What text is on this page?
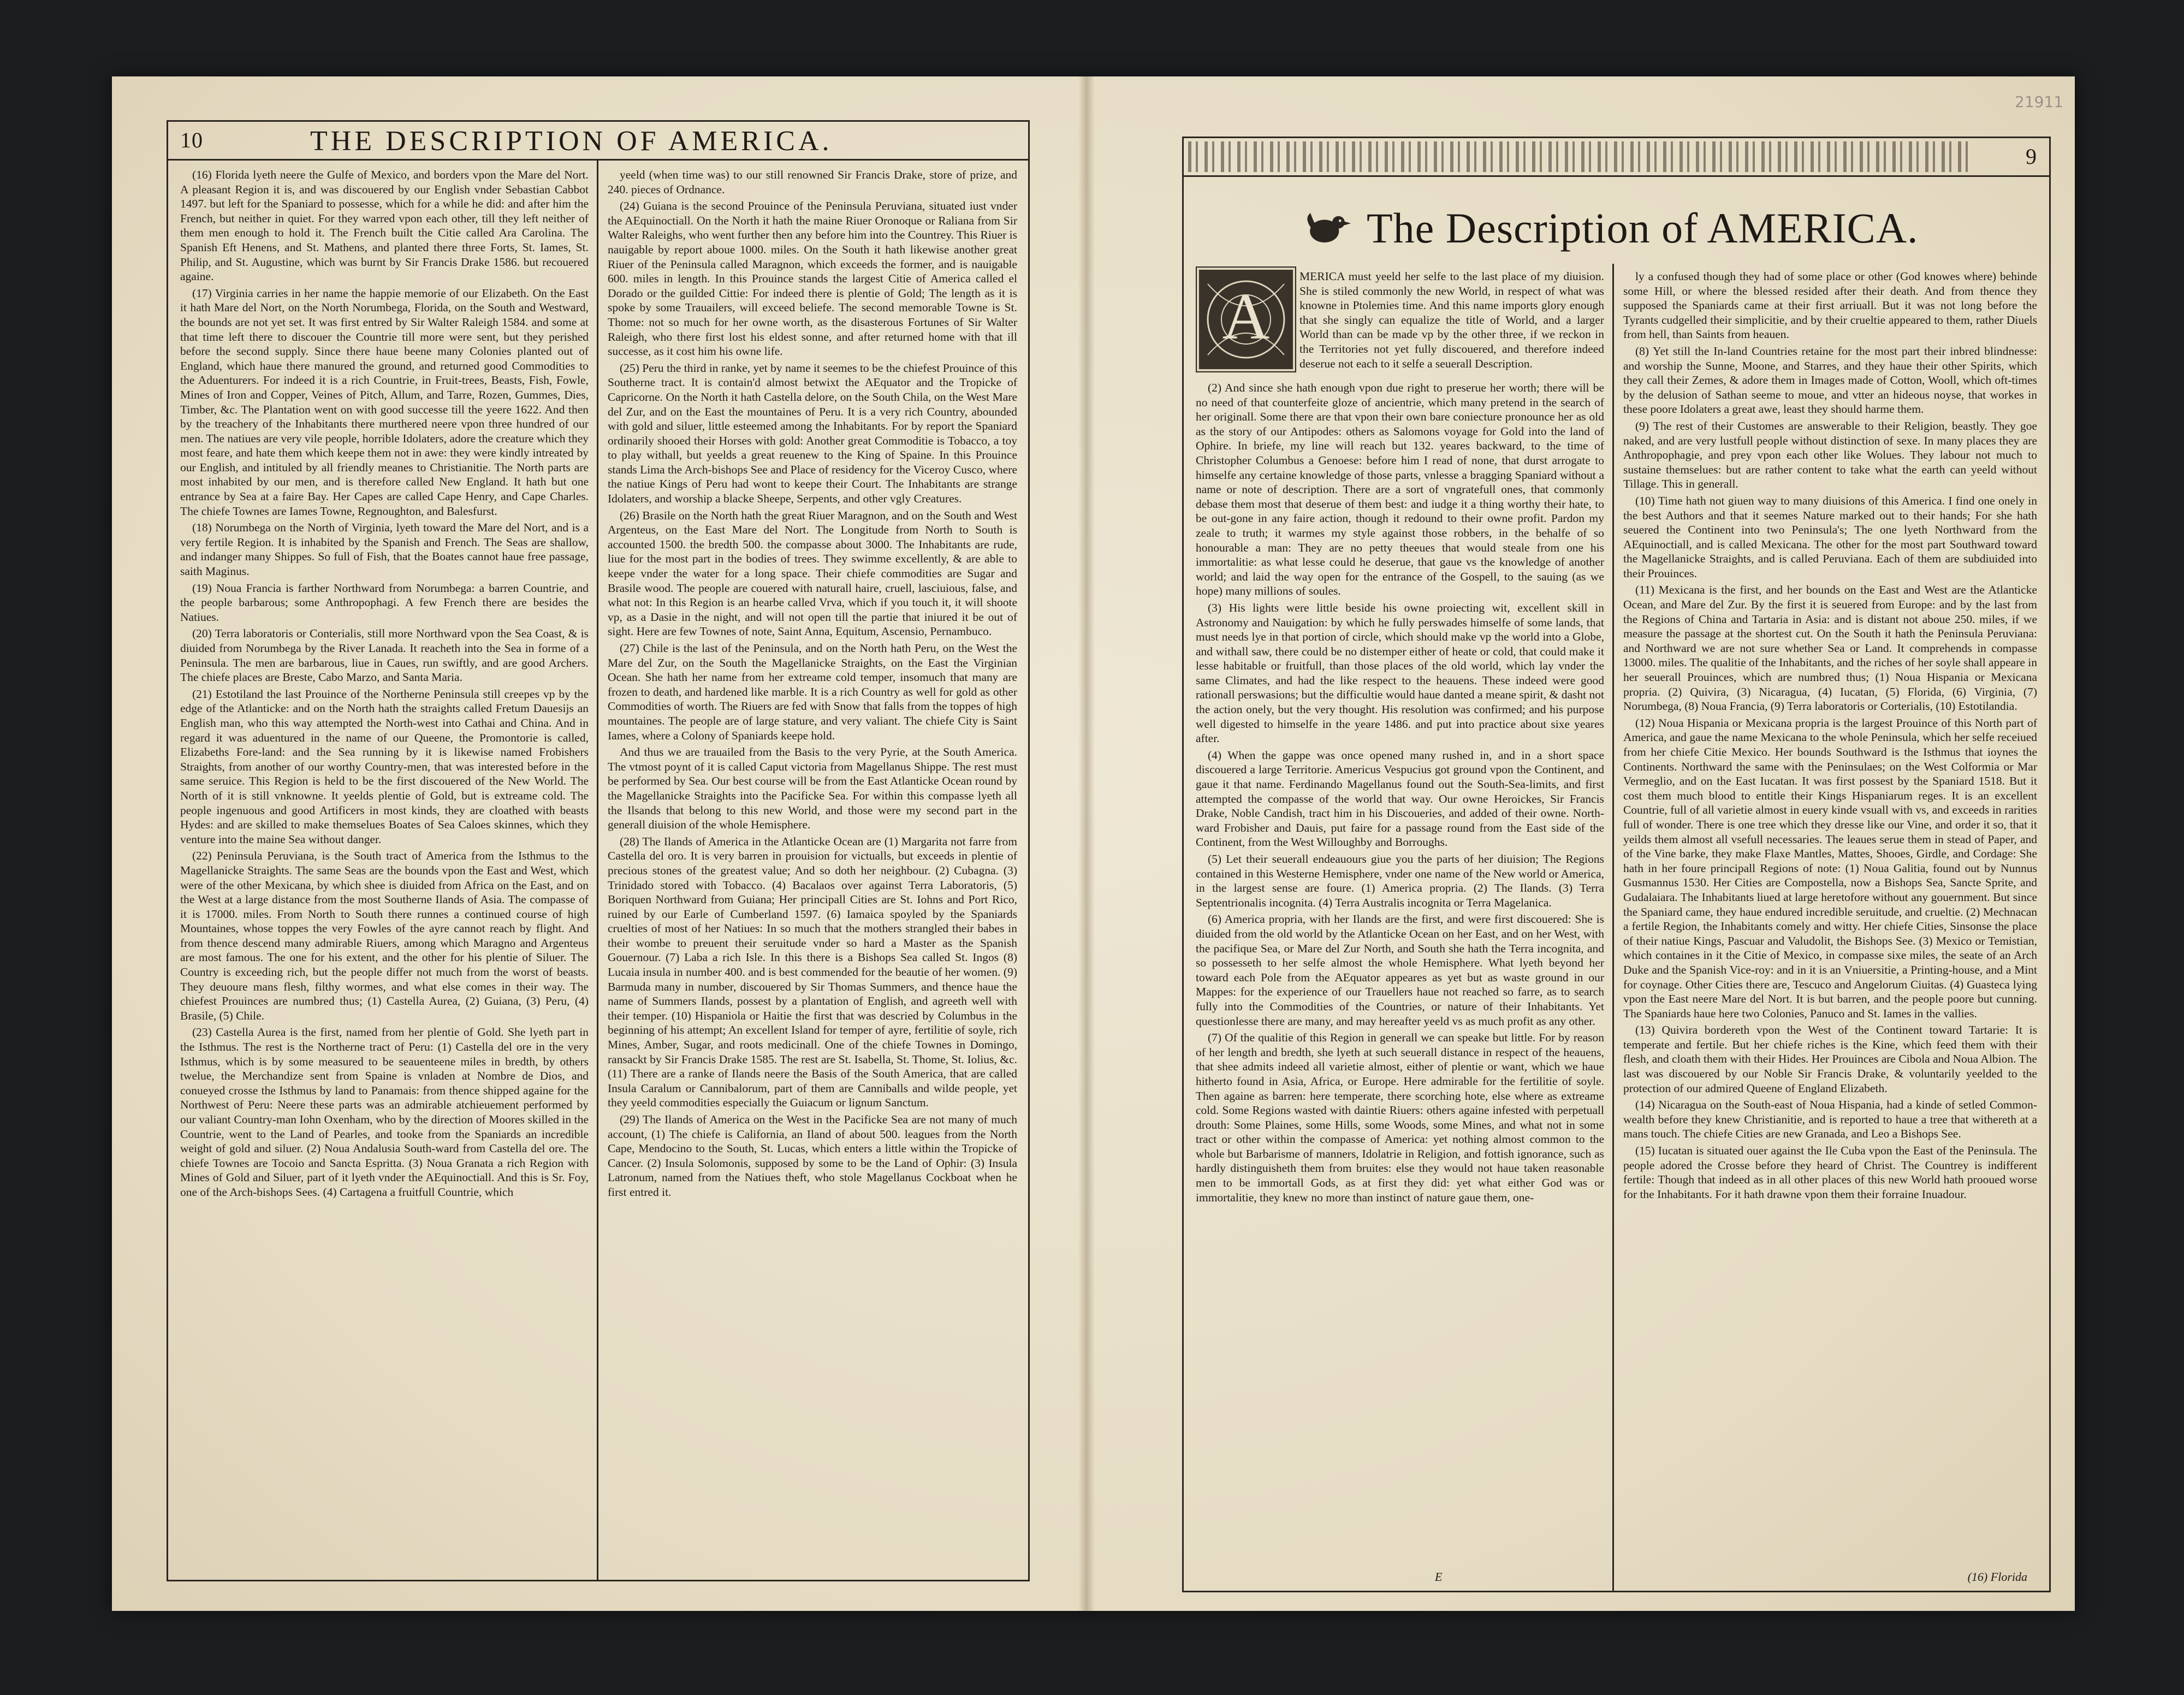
21911
10	THE DESCRIPTION OF AMERICA.

(16) Florida lyeth neere the Gulfe of Mexico, and borders vpon the Mare del Nort. A pleasant Region it is, and was discouered by our English vnder Sebastian Cabbot 1497. but left for the Spaniard to possesse, which for a while he did: and after him the French, but neither in quiet. For they warred vpon each other, till they left neither of them men enough to hold it. The French built the Citie called Ara Carolina. The Spanish Eft Henens, and St. Mathens, and planted there three Forts, St. Iames, St. Philip, and St. Augustine, which was burnt by Sir Francis Drake 1586. but recouered againe.

(17) Virginia carries in her name the happie memorie of our Elizabeth. On the East it hath Mare del Nort, on the North Norumbega, Florida, on the South and Westward, the bounds are not yet set. It was first entred by Sir Walter Raleigh 1584. and some at that time left there to discouer the Countrie till more were sent, but they perished before the second supply. Since there haue beene many Colonies planted out of England, which haue there manured the ground, and returned good Commodities to the Aduenturers. For indeed it is a rich Countrie, in Fruit-trees, Beasts, Fish, Fowle, Mines of Iron and Copper, Veines of Pitch, Allum, and Tarre, Rozen, Gummes, Dies, Timber, &c. The Plantation went on with good successe till the yeere 1622. And then by the treachery of the Inhabitants there murthered neere vpon three hundred of our men. The natiues are very vile people, horrible Idolaters, adore the creature which they most feare, and hate them which keepe them not in awe: they were kindly intreated by our English, and intituled by all friendly meanes to Christianitie. The North parts are most inhabited by our men, and is therefore called New England. It hath but one entrance by Sea at a faire Bay. Her Capes are called Cape Henry, and Cape Charles. The chiefe Townes are Iames Towne, Regnoughton, and Balesfurst.

(18) Norumbega on the North of Virginia, lyeth toward the Mare del Nort, and is a very fertile Region. It is inhabited by the Spanish and French. The Seas are shallow, and indanger many Shippes. So full of Fish, that the Boates cannot haue free passage, saith Maginus.

(19) Noua Francia is farther Northward from Norumbega: a barren Countrie, and the people barbarous; some Anthropophagi. A few French there are besides the Natiues.

(20) Terra laboratoris or Conterialis, still more Northward vpon the Sea Coast, & is diuided from Norumbega by the River Lanada. It reacheth into the Sea in forme of a Peninsula. The men are barbarous, liue in Caues, run swiftly, and are good Archers. The chiefe places are Breste, Cabo Marzo, and Santa Maria.

(21) Estotiland the last Prouince of the Northerne Peninsula still creepes vp by the edge of the Atlanticke: and on the North hath the straights called Fretum Dauesijs an English man, who this way attempted the North-west into Cathai and China. And in regard it was aduentured in the name of our Queene, the Promontorie is called, Elizabeths Fore-land: and the Sea running by it is likewise named Frobishers Straights, from another of our worthy Country-men, that was interested before in the same seruice. This Region is held to be the first discouered of the New World. The North of it is still vnknowne. It yeelds plentie of Gold, but is extreame cold. The people ingenuous and good Artificers in most kinds, they are cloathed with beasts Hydes: and are skilled to make themselues Boates of Sea Caloes skinnes, which they venture into the maine Sea without danger.

(22) Peninsula Peruviana, is the South tract of America from the Isthmus to the Magellanicke Straights. The same Seas are the bounds vpon the East and West, which were of the other Mexicana, by which shee is diuided from Africa on the East, and on the West at a large distance from the most Southerne Ilands of Asia. The compasse of it is 17000. miles. From North to South there runnes a continued course of high Mountaines, whose toppes the very Fowles of the ayre cannot reach by flight. And from thence descend many admirable Riuers, among which Maragno and Argenteus are most famous. The one for his extent, and the other for his plentie of Siluer. The Country is exceeding rich, but the people differ not much from the worst of beasts. They deuoure mans flesh, filthy wormes, and what else comes in their way. The chiefest Prouinces are numbred thus; (1) Castella Aurea, (2) Guiana, (3) Peru, (4) Brasile, (5) Chile.

(23) Castella Aurea is the first, named from her plentie of Gold. She lyeth part in the Isthmus. The rest is the Northerne tract of Peru: (1) Castella del ore in the very Isthmus, which is by some measured to be seauenteene miles in bredth, by others twelue, the Merchandize sent from Spaine is vnladen at Nombre de Dios, and conueyed crosse the Isthmus by land to Panamais: from thence shipped againe for the Northwest of Peru: Neere these parts was an admirable atchieuement performed by our valiant Country-man Iohn Oxenham, who by the direction of Moores skilled in the Countrie, went to the Land of Pearles, and tooke from the Spaniards an incredible weight of gold and siluer. (2) Noua Andalusia South-ward from Castella del ore. The chiefe Townes are Tocoio and Sancta Espritta. (3) Noua Granata a rich Region with Mines of Gold and Siluer, part of it lyeth vnder the AEquinoctiall. And this is Sr. Foy, one of the Arch-bishops Sees. (4) Cartagena a fruitfull Countrie, which

yeeld (when time was) to our still renowned Sir Francis Drake, store of prize, and 240. pieces of Ordnance.

(24) Guiana is the second Prouince of the Peninsula Peruviana, situated iust vnder the AEquinoctiall. On the North it hath the maine Riuer Oronoque or Raliana from Sir Walter Raleighs, who went further then any before him into the Countrey. This Riuer is nauigable by report aboue 1000. miles. On the South it hath likewise another great Riuer of the Peninsula called Maragnon, which exceeds the former, and is nauigable 600. miles in length. In this Prouince stands the largest Citie of America called el Dorado or the guilded Cittie: For indeed there is plentie of Gold; The length as it is spoke by some Trauailers, will exceed beliefe. The second memorable Towne is St. Thome: not so much for her owne worth, as the disasterous Fortunes of Sir Walter Raleigh, who there first lost his eldest sonne, and after returned home with that ill successe, as it cost him his owne life.

(25) Peru the third in ranke, yet by name it seemes to be the chiefest Prouince of this Southerne tract. It is contain'd almost betwixt the AEquator and the Tropicke of Capricorne. On the North it hath Castella delore, on the South Chila, on the West Mare del Zur, and on the East the mountaines of Peru. It is a very rich Country, abounded with gold and siluer, little esteemed among the Inhabitants. For by report the Spaniard ordinarily shooed their Horses with gold: Another great Commoditie is Tobacco, a toy to play withall, but yeelds a great reuenew to the King of Spaine. In this Prouince stands Lima the Arch-bishops See and Place of residency for the Viceroy Cusco, where the natiue Kings of Peru had wont to keepe their Court. The Inhabitants are strange Idolaters, and worship a blacke Sheepe, Serpents, and other vgly Creatures.

(26) Brasile on the North hath the great Riuer Maragnon, and on the South and West Argenteus, on the East Mare del Nort. The Longitude from North to South is accounted 1500. the bredth 500. the compasse about 3000. The Inhabitants are rude, liue for the most part in the bodies of trees. They swimme excellently, & are able to keepe vnder the water for a long space. Their chiefe commodities are Sugar and Brasile wood. The people are couered with naturall haire, cruell, lasciuious, false, and what not: In this Region is an hearbe called Vrva, which if you touch it, it will shoote vp, as a Dasie in the night, and will not open till the partie that iniured it be out of sight. Here are few Townes of note, Saint Anna, Equitum, Ascensio, Pernambuco.

(27) Chile is the last of the Peninsula, and on the North hath Peru, on the West the Mare del Zur, on the South the Magellanicke Straights, on the East the Virginian Ocean. She hath her name from her extreame cold temper, insomuch that many are frozen to death, and hardened like marble. It is a rich Country as well for gold as other Commodities of worth. The Riuers are fed with Snow that falls from the toppes of high mountaines. The people are of large stature, and very valiant. The chiefe City is Saint Iames, where a Colony of Spaniards keepe hold.

And thus we are trauailed from the Basis to the very Pyrie, at the South America. The vtmost poynt of it is called Caput victoria from Magellanus Shippe. The rest must be performed by Sea. Our best course will be from the East Atlanticke Ocean round by the Magellanicke Straights into the Pacificke Sea. For within this compasse lyeth all the Ilsands that belong to this new World, and those were my second part in the generall diuision of the whole Hemisphere.

(28) The Ilands of America in the Atlanticke Ocean are (1) Margarita not farre from Castella del oro. It is very barren in prouision for victualls, but exceeds in plentie of precious stones of the greatest value; And so doth her neighbour. (2) Cubagna. (3) Trinidado stored with Tobacco. (4) Bacalaos over against Terra Laboratoris, (5) Boriquen Northward from Guiana; Her principall Cities are St. Iohns and Port Rico, ruined by our Earle of Cumberland 1597. (6) Iamaica spoyled by the Spaniards cruelties of most of her Natiues: In so much that the mothers strangled their babes in their wombe to preuent their seruitude vnder so hard a Master as the Spanish Gouernour. (7) Laba a rich Isle. In this there is a Bishops Sea called St. Ingos (8) Lucaia insula in number 400. and is best commended for the beautie of her women. (9) Barmuda many in number, discouered by Sir Thomas Summers, and thence haue the name of Summers Ilands, possest by a plantation of English, and agreeth well with their temper. (10) Hispaniola or Haitie the first that was descried by Columbus in the beginning of his attempt; An excellent Island for temper of ayre, fertilitie of soyle, rich Mines, Amber, Sugar, and roots medicinall. One of the chiefe Townes in Domingo, ransackt by Sir Francis Drake 1585. The rest are St. Isabella, St. Thome, St. Iolius, &c. (11) There are a ranke of Ilands neere the Basis of the South America, that are called Insula Caralum or Cannibalorum, part of them are Canniballs and wilde people, yet they yeeld commodities especially the Guiacum or lignum Sanctum.

(29) The Ilands of America on the West in the Pacificke Sea are not many of much account, (1) The chiefe is California, an Iland of about 500. leagues from the North Cape, Mendocino to the South, St. Lucas, which enters a little within the Tropicke of Cancer. (2) Insula Solomonis, supposed by some to be the Land of Ophir: (3) Insula Latronum, named from the Natiues theft, who stole Magellanus Cockboat when he first entred it.

9
The Description of AMERICA.
A

MERICA must yeeld her selfe to the last place of my diuision. She is stiled commonly the new World, in respect of what was knowne in Ptolemies time. And this name imports glory enough that she singly can equalize the title of World, and a larger World than can be made vp by the other three, if we reckon in the Territories not yet fully discouered, and therefore indeed deserue not each to it selfe a seuerall Description.

(2) And since she hath enough vpon due right to preserue her worth; there will be no need of that counterfeite gloze of ancientrie, which many pretend in the search of her originall. Some there are that vpon their own bare coniecture pronounce her as old as the story of our Antipodes: others as Salomons voyage for Gold into the land of Ophire. In briefe, my line will reach but 132. yeares backward, to the time of Christopher Columbus a Genoese: before him I read of none, that durst arrogate to himselfe any certaine knowledge of those parts, vnlesse a bragging Spaniard without a name or note of description. There are a sort of vngratefull ones, that commonly debase them most that deserue of them best: and iudge it a thing worthy their hate, to be out-gone in any faire action, though it redound to their owne profit. Pardon my zeale to truth; it warmes my style against those robbers, in the behalfe of so honourable a man: They are no petty theeues that would steale from one his immortalitie: as what lesse could he deserue, that gaue vs the knowledge of another world; and laid the way open for the entrance of the Gospell, to the sauing (as we hope) many millions of soules.

(3) His lights were little beside his owne proiecting wit, excellent skill in Astronomy and Nauigation: by which he fully perswades himselfe of some lands, that must needs lye in that portion of circle, which should make vp the world into a Globe, and withall saw, there could be no distemper either of heate or cold, that could make it lesse habitable or fruitfull, than those places of the old world, which lay vnder the same Climates, and had the like respect to the heauens. These indeed were good rationall perswasions; but the difficultie would haue danted a meane spirit, & dasht not the action onely, but the very thought. His resolution was confirmed; and his purpose well digested to himselfe in the yeare 1486. and put into practice about sixe yeares after.

(4) When the gappe was once opened many rushed in, and in a short space discouered a large Territorie. Americus Vespucius got ground vpon the Continent, and gaue it that name. Ferdinando Magellanus found out the South-Sea-limits, and first attempted the compasse of the world that way. Our owne Heroickes, Sir Francis Drake, Noble Candish, tract him in his Discoueries, and added of their owne. North-ward Frobisher and Dauis, put faire for a passage round from the East side of the Continent, from the West Willoughby and Borroughs.

(5) Let their seuerall endeauours giue you the parts of her diuision; The Regions contained in this Westerne Hemisphere, vnder one name of the New world or America, in the largest sense are foure. (1) America propria. (2) The Ilands. (3) Terra Septentrionalis incognita. (4) Terra Australis incognita or Terra Magelanica.

(6) America propria, with her Ilands are the first, and were first discouered: She is diuided from the old world by the Atlanticke Ocean on her East, and on her West, with the pacifique Sea, or Mare del Zur North, and South she hath the Terra incognita, and so possesseth to her selfe almost the whole Hemisphere. What lyeth beyond her toward each Pole from the AEquator appeares as yet but as waste ground in our Mappes: for the experience of our Trauellers haue not reached so farre, as to search fully into the Commodities of the Countries, or nature of their Inhabitants. Yet questionlesse there are many, and may hereafter yeeld vs as much profit as any other.

(7) Of the qualitie of this Region in generall we can speake but little. For by reason of her length and bredth, she lyeth at such seuerall distance in respect of the heauens, that shee admits indeed all varietie almost, either of plentie or want, which we haue hitherto found in Asia, Africa, or Europe. Here admirable for the fertilitie of soyle. Then againe as barren: here temperate, there scorching hote, else where as extreame cold. Some Regions wasted with daintie Riuers: others againe infested with perpetuall drouth: Some Plaines, some Hills, some Woods, some Mines, and what not in some tract or other within the compasse of America: yet nothing almost common to the whole but Barbarisme of manners, Idolatrie in Religion, and fottish ignorance, such as hardly distinguisheth them from bruites: else they would not haue taken reasonable men to be immortall Gods, as at first they did: yet what either God was or immortalitie, they knew no more than instinct of nature gaue them, one-

ly a confused though they had of some place or other (God knowes where) behinde some Hill, or where the blessed resided after their death. And from thence they supposed the Spaniards came at their first arriuall. But it was not long before the Tyrants cudgelled their simplicitie, and by their crueltie appeared to them, rather Diuels from hell, than Saints from heauen.

(8) Yet still the In-land Countries retaine for the most part their inbred blindnesse: and worship the Sunne, Moone, and Starres, and they haue their other Spirits, which they call their Zemes, & adore them in Images made of Cotton, Wooll, which oft-times by the delusion of Sathan seeme to moue, and vtter an hideous noyse, that workes in these poore Idolaters a great awe, least they should harme them.

(9) The rest of their Customes are answerable to their Religion, beastly. They goe naked, and are very lustfull people without distinction of sexe. In many places they are Anthropophagie, and prey vpon each other like Wolues. They labour not much to sustaine themselues: but are rather content to take what the earth can yeeld without Tillage. This in generall.

(10) Time hath not giuen way to many diuisions of this America. I find one onely in the best Authors and that it seemes Nature marked out to their hands; For she hath seuered the Continent into two Peninsula's; The one lyeth Northward from the AEquinoctiall, and is called Mexicana. The other for the most part Southward toward the Magellanicke Straights, and is called Peruviana. Each of them are subdiuided into their Prouinces.

(11) Mexicana is the first, and her bounds on the East and West are the Atlanticke Ocean, and Mare del Zur. By the first it is seuered from Europe: and by the last from the Regions of China and Tartaria in Asia: and is distant not aboue 250. miles, if we measure the passage at the shortest cut. On the South it hath the Peninsula Peruviana: and Northward we are not sure whether Sea or Land. It comprehends in compasse 13000. miles. The qualitie of the Inhabitants, and the riches of her soyle shall appeare in her seuerall Prouinces, which are numbred thus; (1) Noua Hispania or Mexicana propria. (2) Quivira, (3) Nicaragua, (4) Iucatan, (5) Florida, (6) Virginia, (7) Norumbega, (8) Noua Francia, (9) Terra laboratoris or Corterialis, (10) Estotilandia.

(12) Noua Hispania or Mexicana propria is the largest Prouince of this North part of America, and gaue the name Mexicana to the whole Peninsula, which her selfe receiued from her chiefe Citie Mexico. Her bounds Southward is the Isthmus that ioynes the Continents. Northward the same with the Peninsulaes; on the West Colformia or Mar Vermeglio, and on the East Iucatan. It was first possest by the Spaniard 1518. But it cost them much blood to entitle their Kings Hispaniarum reges. It is an excellent Countrie, full of all varietie almost in euery kinde vsuall with vs, and exceeds in rarities full of wonder. There is one tree which they dresse like our Vine, and order it so, that it yeilds them almost all vsefull necessaries. The leaues serue them in stead of Paper, and of the Vine barke, they make Flaxe Mantles, Mattes, Shooes, Girdle, and Cordage: She hath in her foure principall Regions of note: (1) Noua Galitia, found out by Nunnus Gusmannus 1530. Her Cities are Compostella, now a Bishops Sea, Sancte Sprite, and Gudalaiara. The Inhabitants liued at large heretofore without any gouernment. But since the Spaniard came, they haue endured incredible seruitude, and crueltie. (2) Mechnacan a fertile Region, the Inhabitants comely and witty. Her chiefe Cities, Sinsonse the place of their natiue Kings, Pascuar and Valudolit, the Bishops See. (3) Mexico or Temistian, which containes in it the Citie of Mexico, in compasse sixe miles, the seate of an Arch Duke and the Spanish Vice-roy: and in it is an Vniuersitie, a Printing-house, and a Mint for coynage. Other Cities there are, Tescuco and Angelorum Ciuitas. (4) Guasteca lying vpon the East neere Mare del Nort. It is but barren, and the people poore but cunning. The Spaniards haue here two Colonies, Panuco and St. Iames in the vallies.

(13) Quivira bordereth vpon the West of the Continent toward Tartarie: It is temperate and fertile. But her chiefe riches is the Kine, which feed them with their flesh, and cloath them with their Hides. Her Prouinces are Cibola and Noua Albion. The last was discouered by our Noble Sir Francis Drake, & voluntarily yeelded to the protection of our admired Queene of England Elizabeth.

(14) Nicaragua on the South-east of Noua Hispania, had a kinde of setled Common-wealth before they knew Christianitie, and is reported to haue a tree that withereth at a mans touch. The chiefe Cities are new Granada, and Leo a Bishops See.

(15) Iucatan is situated ouer against the Ile Cuba vpon the East of the Peninsula. The people adored the Crosse before they heard of Christ. The Countrey is indifferent fertile: Though that indeed as in all other places of this new World hath prooued worse for the Inhabitants. For it hath drawne vpon them their forraine Inuadour.

E	(16) Florida
